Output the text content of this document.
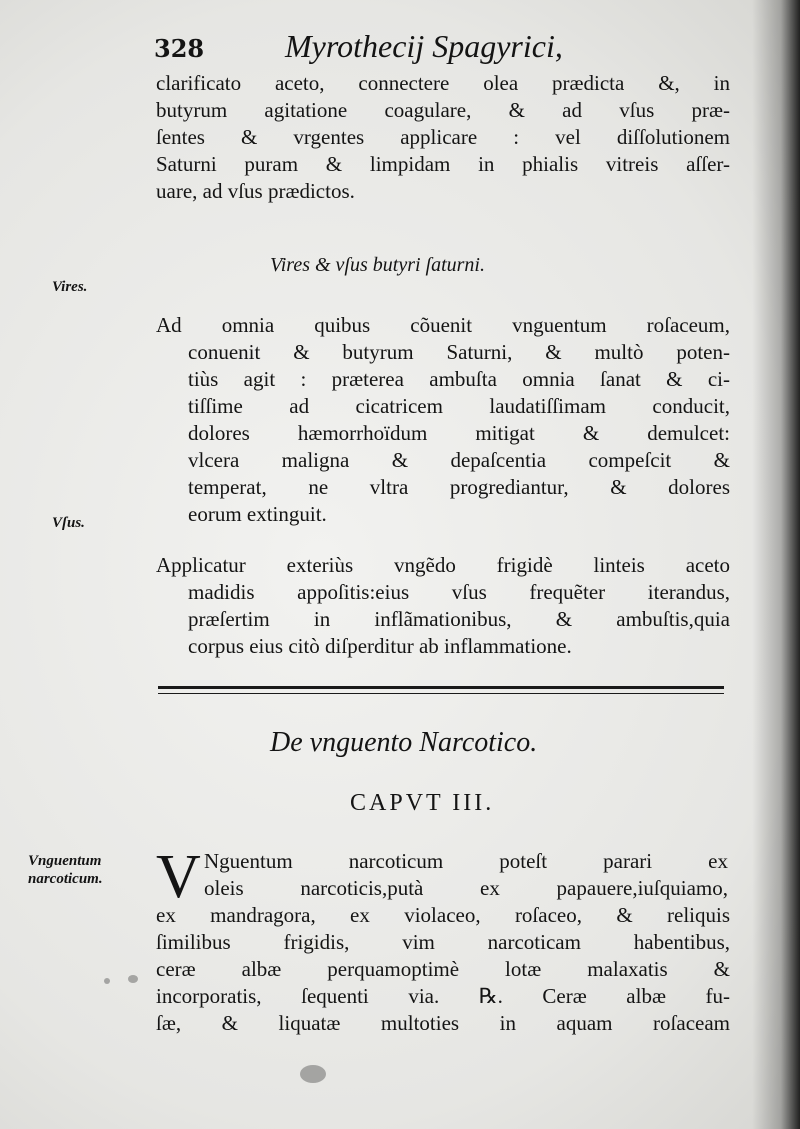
328	Myrothecij Spagyrici,
clarificato aceto, connectere olea prædicta &, in
butyrum agitatione coagulare, & ad vſus præ-
ſentes & vrgentes applicare : vel diſſolutionem
Saturni puram & limpidam in phialis vitreis aſſer-
uare, ad vſus prædictos.
Vires & vſus butyri ſaturni.
Vires.
Ad omnia quibus cõuenit vnguentum roſaceum,
conuenit & butyrum Saturni, & multò poten-
tiùs agit : præterea ambuſta omnia ſanat & ci-
tiſſime ad cicatricem laudatiſſimam conducit,
dolores hæmorrhoïdum mitigat & demulcet:
vlcera maligna & depaſcentia compeſcit &
temperat, ne vltra progrediantur, & dolores
eorum extinguit.
Vſus.
Applicatur exteriùs vngẽdo frigidè linteis aceto
madidis appoſitis:eius vſus frequẽter iterandus,
præſertim in inflãmationibus, & ambuſtis,quia
corpus eius citò diſperditur ab inflammatione.
De vnguento Narcotico.
CAPVT III.
Vnguentum
narcoticum. V Nguentum narcoticum poteſt parari ex
oleis narcoticis,putà ex papauere,iuſquiamo,
ex mandragora, ex violaceo, roſaceo, & reliquis
ſimilibus frigidis, vim narcoticam habentibus,
ceræ albæ perquamoptimè lotæ malaxatis &
incorporatis, ſequenti via. ℞. Ceræ albæ fu-
ſæ, & liquatæ multoties in aquam roſaceam
